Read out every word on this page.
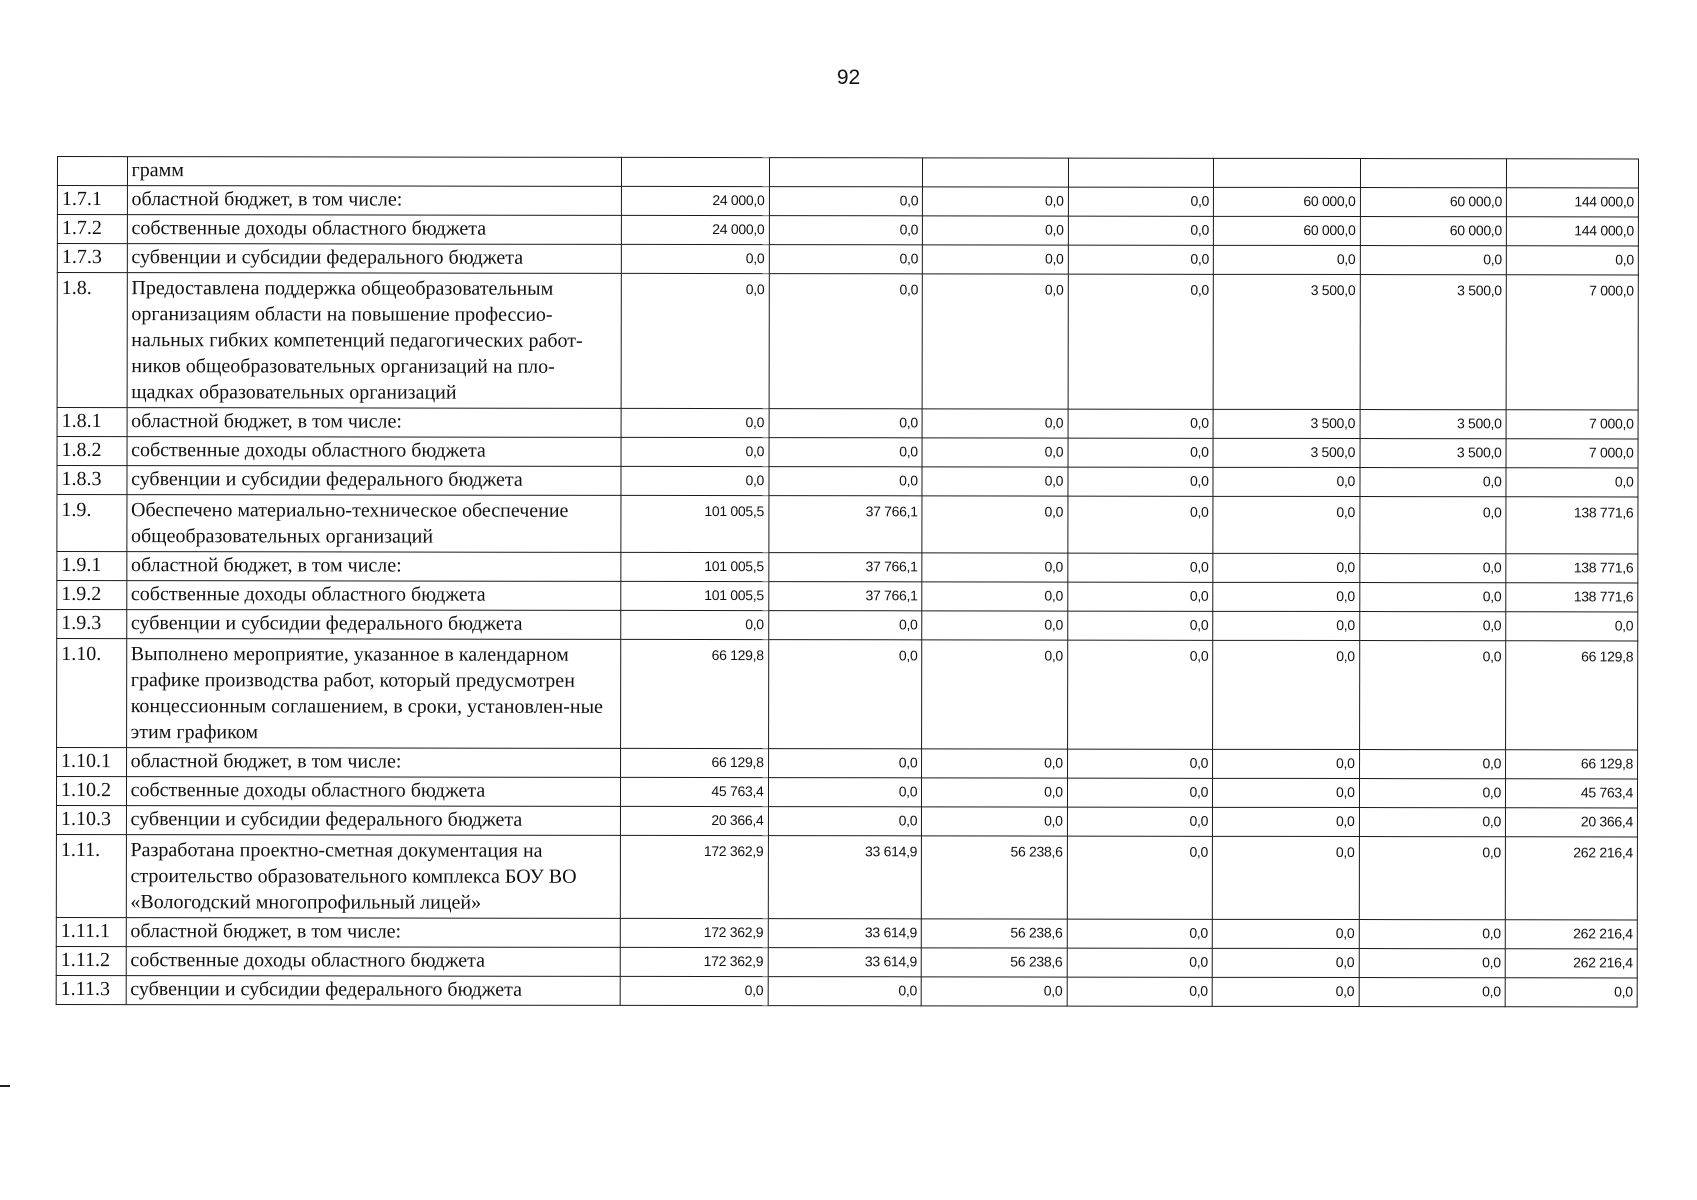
92
	грамм							
1.7.1	областной бюджет, в том числе:	24 000,0	0,0	0,0	0,0	60 000,0	60 000,0	144 000,0
1.7.2	собственные доходы областного бюджета	24 000,0	0,0	0,0	0,0	60 000,0	60 000,0	144 000,0
1.7.3	субвенции и субсидии федерального бюджета	0,0	0,0	0,0	0,0	0,0	0,0	0,0
1.8.	Предоставлена поддержка общеобразовательным организациям области на повышение профессио-нальных гибких компетенций педагогических работ-ников общеобразовательных организаций на пло-щадках образовательных организаций	0,0	0,0	0,0	0,0	3 500,0	3 500,0	7 000,0
1.8.1	областной бюджет, в том числе:	0,0	0,0	0,0	0,0	3 500,0	3 500,0	7 000,0
1.8.2	собственные доходы областного бюджета	0,0	0,0	0,0	0,0	3 500,0	3 500,0	7 000,0
1.8.3	субвенции и субсидии федерального бюджета	0,0	0,0	0,0	0,0	0,0	0,0	0,0
1.9.	Обеспечено материально-техническое обеспечение общеобразовательных организаций	101 005,5	37 766,1	0,0	0,0	0,0	0,0	138 771,6
1.9.1	областной бюджет, в том числе:	101 005,5	37 766,1	0,0	0,0	0,0	0,0	138 771,6
1.9.2	собственные доходы областного бюджета	101 005,5	37 766,1	0,0	0,0	0,0	0,0	138 771,6
1.9.3	субвенции и субсидии федерального бюджета	0,0	0,0	0,0	0,0	0,0	0,0	0,0
1.10.	Выполнено мероприятие, указанное в календарном графике производства работ, который предусмотрен концессионным соглашением, в сроки, установлен-ные этим графиком	66 129,8	0,0	0,0	0,0	0,0	0,0	66 129,8
1.10.1	областной бюджет, в том числе:	66 129,8	0,0	0,0	0,0	0,0	0,0	66 129,8
1.10.2	собственные доходы областного бюджета	45 763,4	0,0	0,0	0,0	0,0	0,0	45 763,4
1.10.3	субвенции и субсидии федерального бюджета	20 366,4	0,0	0,0	0,0	0,0	0,0	20 366,4
1.11.	Разработана проектно-сметная документация на строительство образовательного комплекса БОУ ВО «Вологодский многопрофильный лицей»	172 362,9	33 614,9	56 238,6	0,0	0,0	0,0	262 216,4
1.11.1	областной бюджет, в том числе:	172 362,9	33 614,9	56 238,6	0,0	0,0	0,0	262 216,4
1.11.2	собственные доходы областного бюджета	172 362,9	33 614,9	56 238,6	0,0	0,0	0,0	262 216,4
1.11.3	субвенции и субсидии федерального бюджета	0,0	0,0	0,0	0,0	0,0	0,0	0,0
